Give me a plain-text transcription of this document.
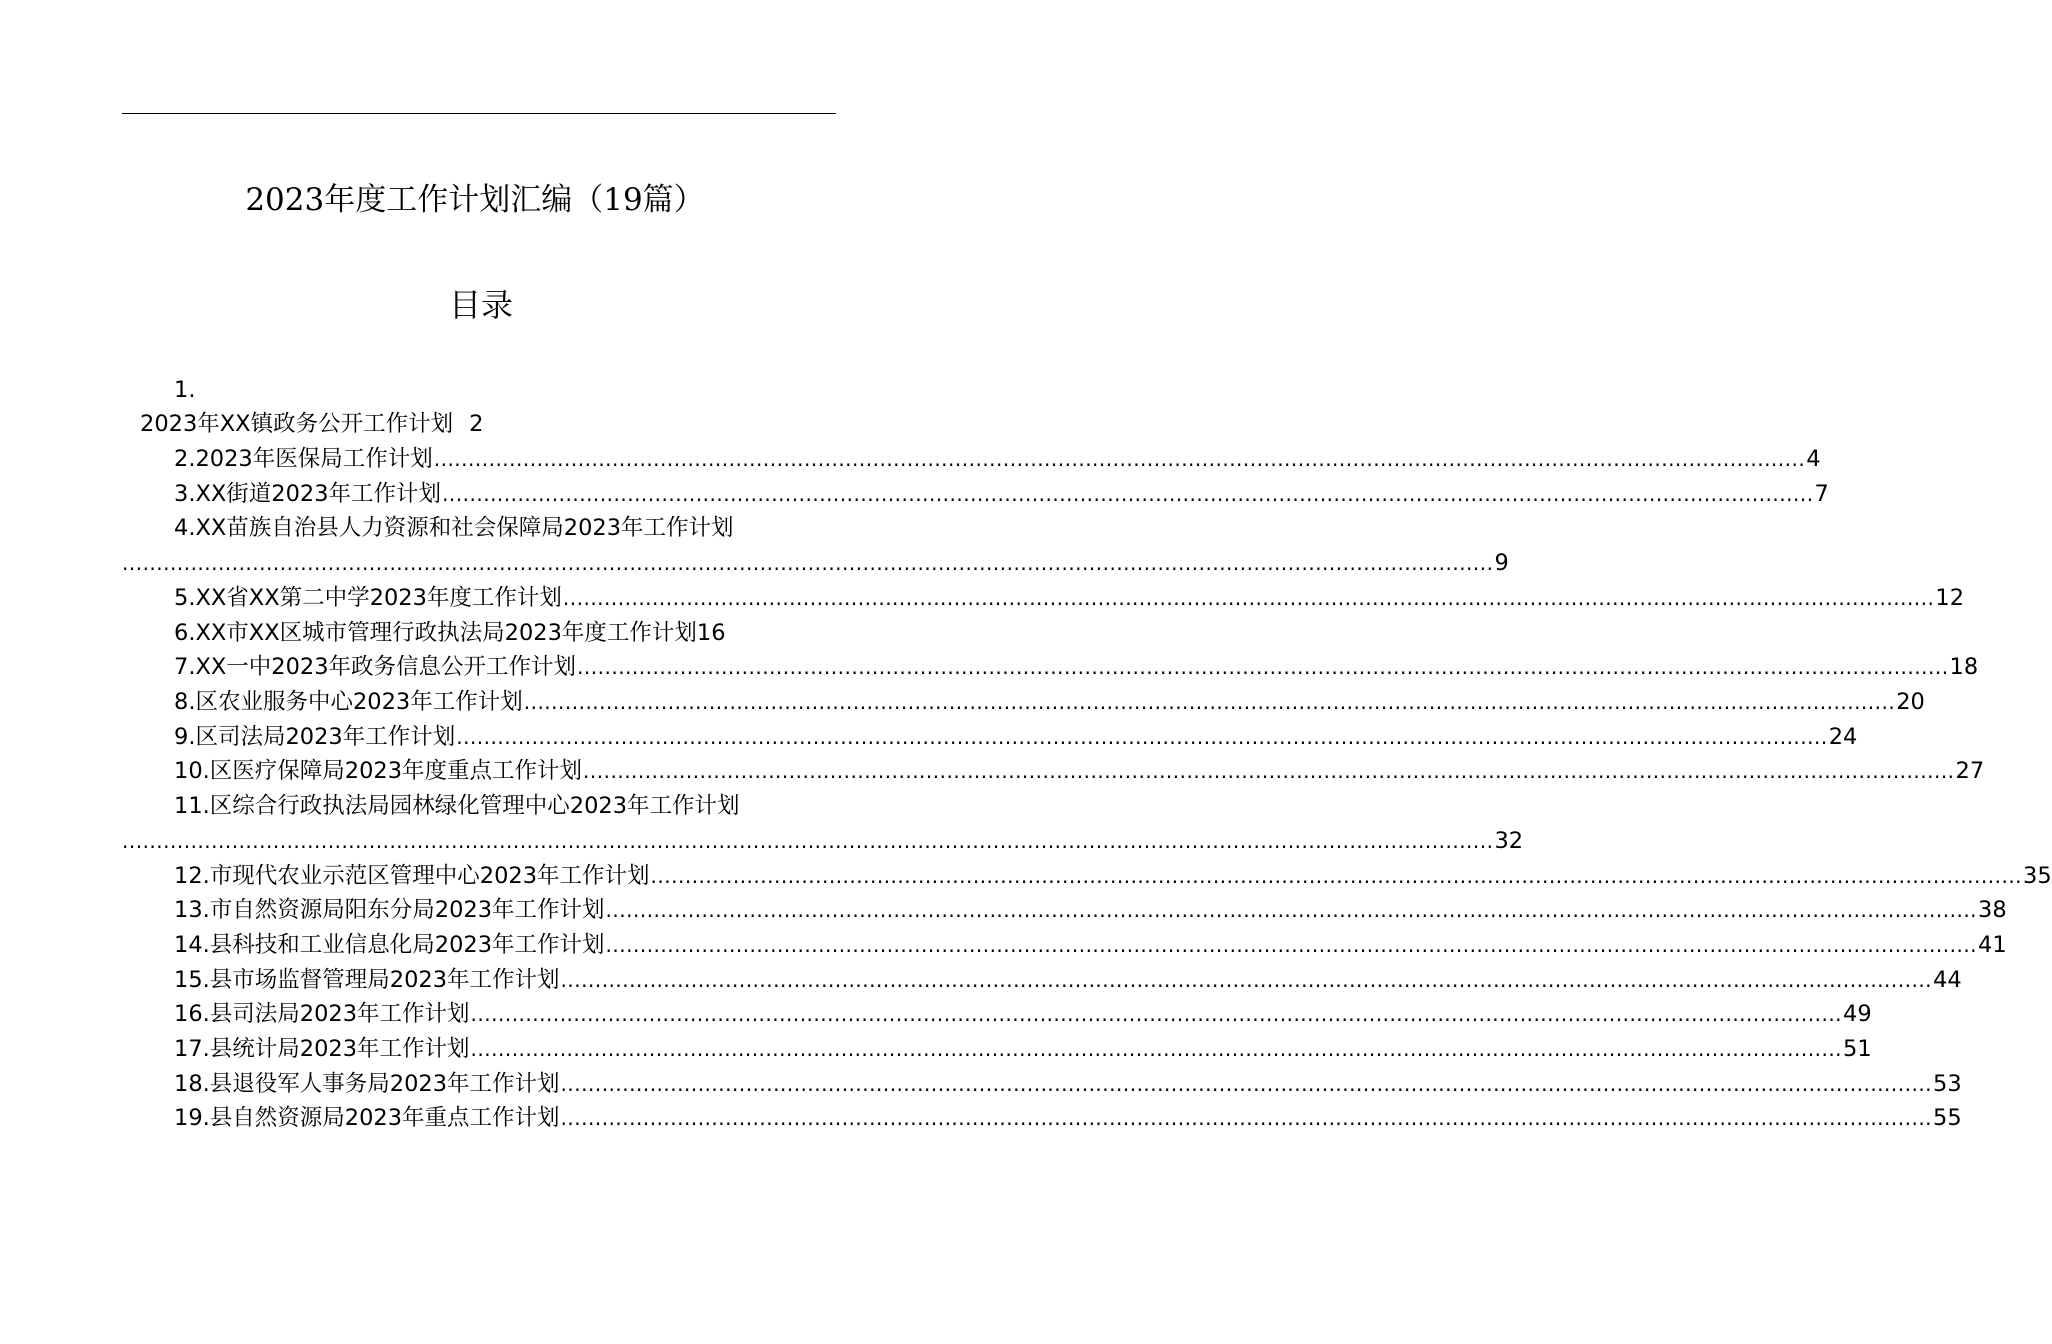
2023年度工作计划汇编（19篇）
目录
1.
2023年XX镇政务公开工作计划 2
2.2023年医保局工作计划 ........................................................................................................................................................................................................ 4
3.XX街道2023年工作计划 ........................................................................................................................................................................................................ 7
4.XX苗族自治县人力资源和社会保障局2023年工作计划
........................................................................................................................................................................................................ 9
5.XX省XX第二中学2023年度工作计划 ........................................................................................................................................................................................................ 12
6.XX市XX区城市管理行政执法局2023年度工作计划 16
7.XX一中2023年政务信息公开工作计划 ........................................................................................................................................................................................................ 18
8.区农业服务中心2023年工作计划 ........................................................................................................................................................................................................ 20
9.区司法局2023年工作计划 ........................................................................................................................................................................................................ 24
10.区医疗保障局2023年度重点工作计划 ........................................................................................................................................................................................................ 27
11.区综合行政执法局园林绿化管理中心2023年工作计划
........................................................................................................................................................................................................ 32
12.市现代农业示范区管理中心2023年工作计划 ........................................................................................................................................................................................................ 35
13.市自然资源局阳东分局2023年工作计划 ........................................................................................................................................................................................................ 38
14.县科技和工业信息化局2023年工作计划 ........................................................................................................................................................................................................ 41
15.县市场监督管理局2023年工作计划 ........................................................................................................................................................................................................ 44
16.县司法局2023年工作计划 ........................................................................................................................................................................................................ 49
17.县统计局2023年工作计划 ........................................................................................................................................................................................................ 51
18.县退役军人事务局2023年工作计划 ........................................................................................................................................................................................................ 53
19.县自然资源局2023年重点工作计划 ........................................................................................................................................................................................................ 55
